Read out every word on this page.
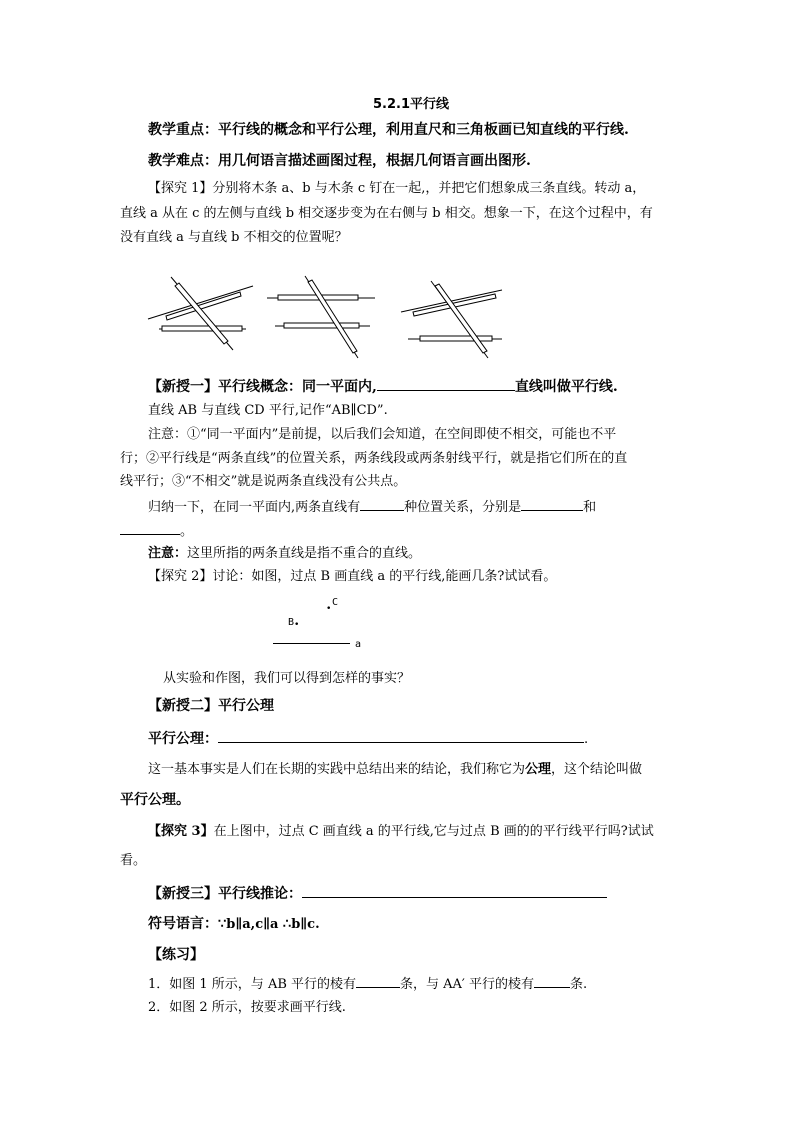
5.2.1平行线
教学重点：平行线的概念和平行公理，利用直尺和三角板画已知直线的平行线.
教学难点：用几何语言描述画图过程，根据几何语言画出图形.
【探究 1】分别将木条 a、b 与木条 c 钉在一起,，并把它们想象成三条直线。转动 a，
直线 a 从在 c 的左侧与直线 b 相交逐步变为在右侧与 b 相交。想象一下，在这个过程中，有
没有直线 a 与直线 b 不相交的位置呢？
【新授一】平行线概念：同一平面内,	直线叫做平行线.
直线 AB 与直线 CD 平行,记作“AB∥CD”.
注意：①“同一平面内”是前提，以后我们会知道，在空间即使不相交，可能也不平
行；②平行线是“两条直线”的位置关系，两条线段或两条射线平行，就是指它们所在的直
线平行；③“不相交”就是说两条直线没有公共点。
归纳一下，在同一平面内,两条直线有	种位置关系，分别是	和
。
注意：这里所指的两条直线是指不重合的直线。
【探究 2】讨论：如图，过点 B 画直线 a 的平行线,能画几条?试试看。
•
C
B•
a
从实验和作图，我们可以得到怎样的事实？
【新授二】平行公理
平行公理：	.
这一基本事实是人们在长期的实践中总结出来的结论，我们称它为公理，这个结论叫做
平行公理。
【探究 3】在上图中，过点 C 画直线 a 的平行线,它与过点 B 画的的平行线平行吗?试试
看。
【新授三】平行线推论：
符号语言：∵b∥a,c∥a ∴b∥c.
【练习】
1．如图 1 所示，与 AB 平行的棱有	条，与 AA′ 平行的棱有	条.
2．如图 2 所示，按要求画平行线.
